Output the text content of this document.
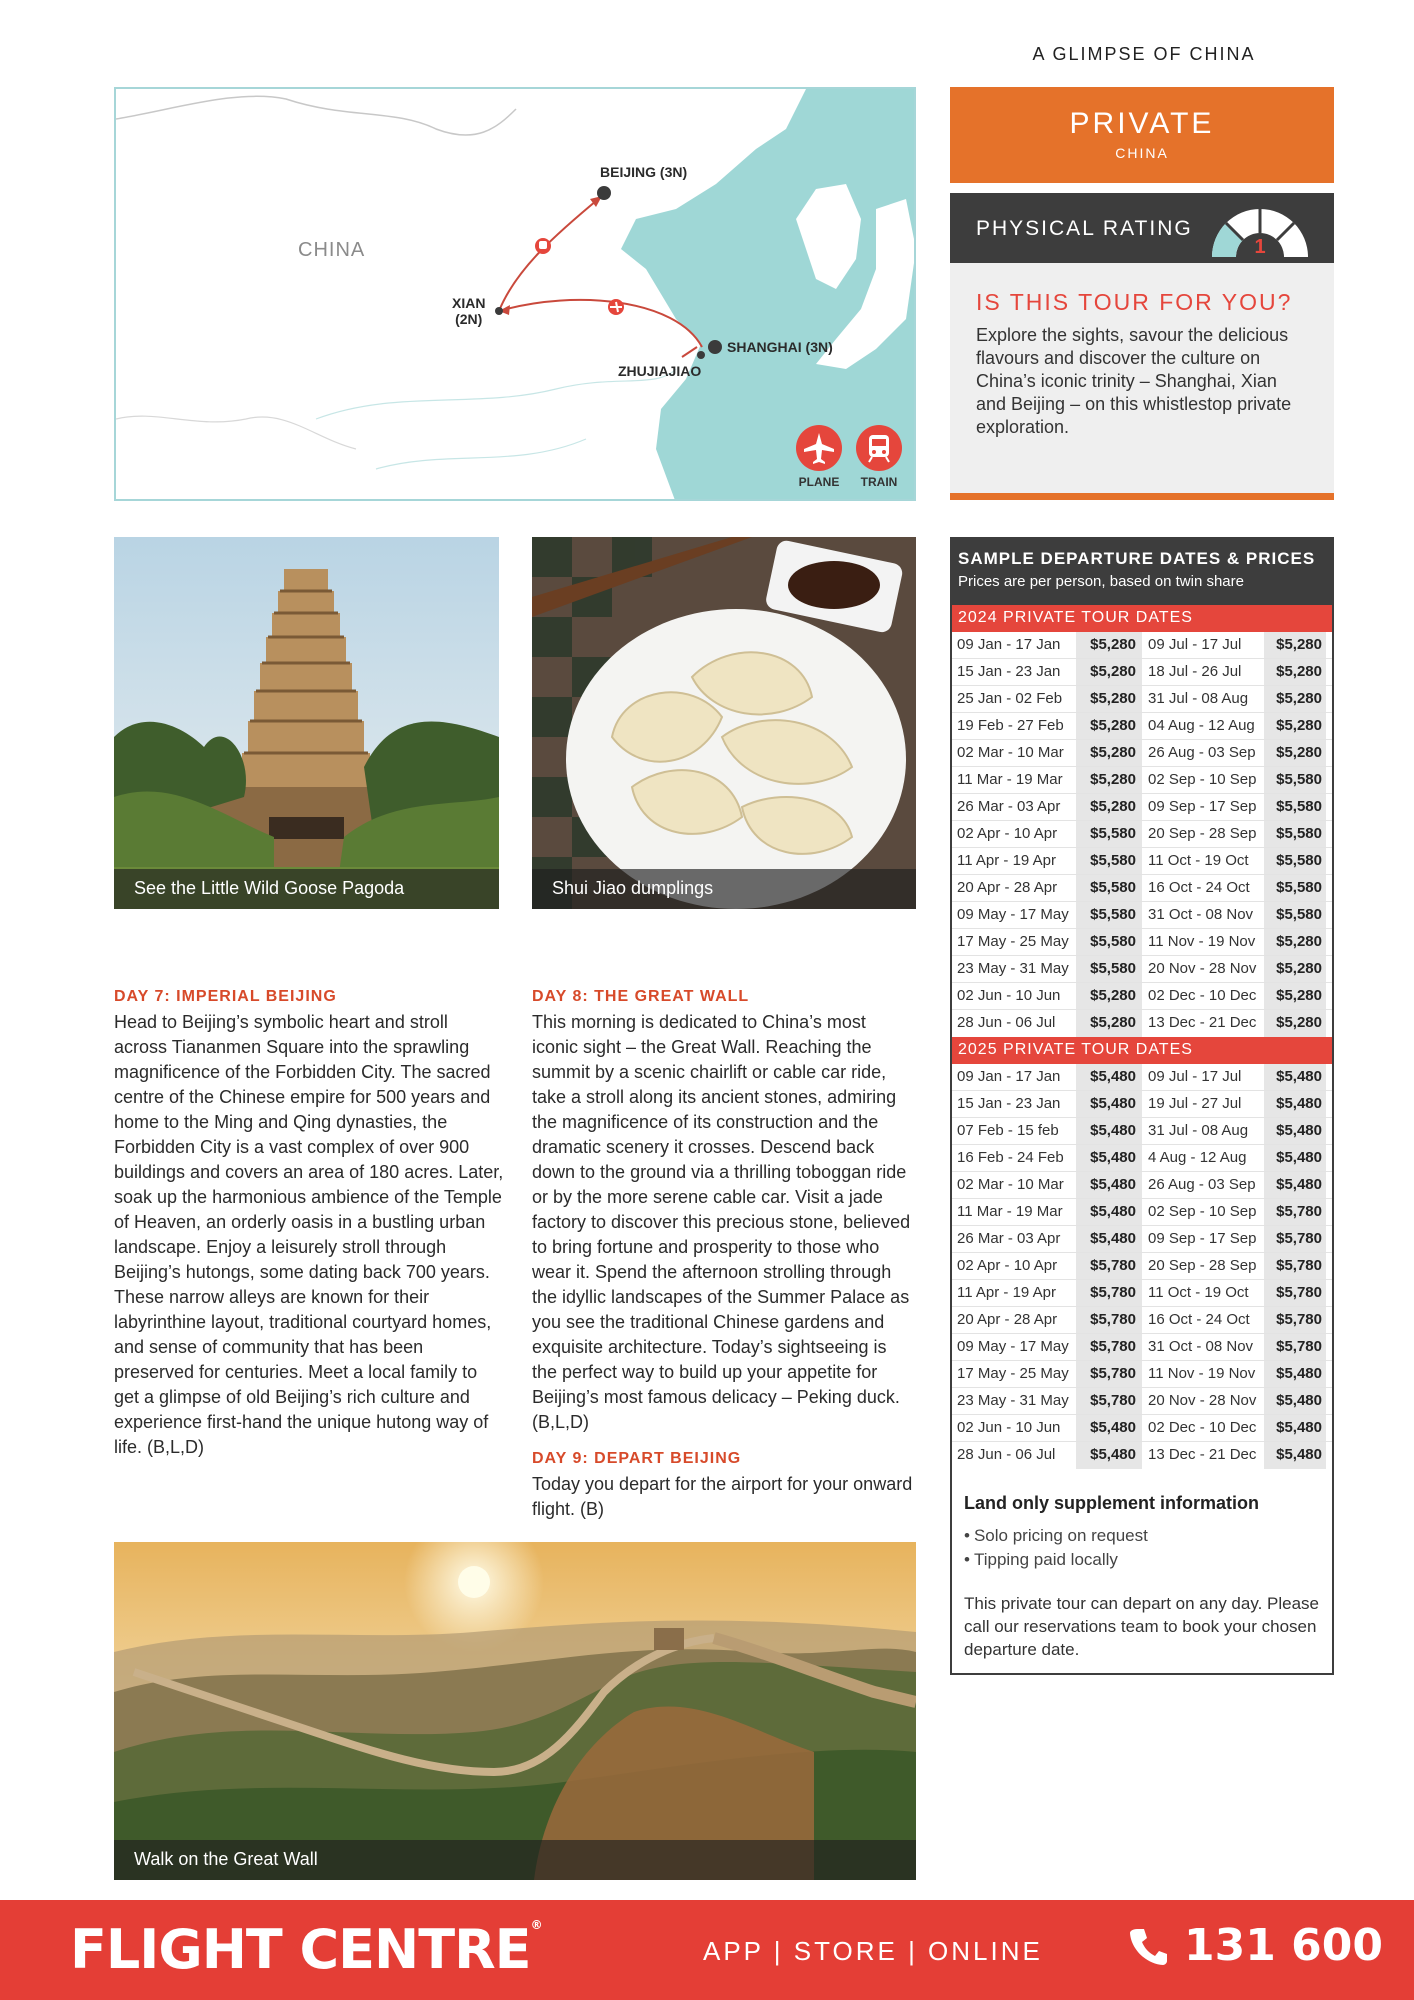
A GLIMPSE OF CHINA
CHINA
BEIJING (3N)
XIAN
(2N)
SHANGHAI (3N)
ZHUJIAJIAO
PLANE	TRAIN
PRIVATE
CHINA
PHYSICAL RATING
1
IS THIS TOUR FOR YOU?
Explore the sights, savour the delicious flavours and discover the culture on China’s iconic trinity – Shanghai, Xian and Beijing – on this whistlestop private exploration.
See the Little Wild Goose Pagoda	Shui Jiao dumplings
DAY 7: IMPERIAL BEIJING
Head to Beijing’s symbolic heart and stroll across Tiananmen Square into the sprawling magnificence of the Forbidden City. The sacred centre of the Chinese empire for 500 years and home to the Ming and Qing dynasties, the Forbidden City is a vast complex of over 900 buildings and covers an area of 180 acres. Later, soak up the harmonious ambience of the Temple of Heaven, an orderly oasis in a bustling urban landscape. Enjoy a leisurely stroll through Beijing’s hutongs, some dating back 700 years. These narrow alleys are known for their labyrinthine layout, traditional courtyard homes, and sense of community that has been preserved for centuries. Meet a local family to get a glimpse of old Beijing’s rich culture and experience first-hand the unique hutong way of life. (B,L,D)
DAY 8: THE GREAT WALL
This morning is dedicated to China’s most iconic sight – the Great Wall. Reaching the summit by a scenic chairlift or cable car ride, take a stroll along its ancient stones, admiring the magnificence of its construction and the dramatic scenery it crosses. Descend back down to the ground via a thrilling toboggan ride or by the more serene cable car. Visit a jade factory to discover this precious stone, believed to bring fortune and prosperity to those who wear it. Spend the afternoon strolling through the idyllic landscapes of the Summer Palace as you see the traditional Chinese gardens and exquisite architecture. Today’s sightseeing is the perfect way to build up your appetite for Beijing’s most famous delicacy – Peking duck. (B,L,D)
DAY 9: DEPART BEIJING
Today you depart for the airport for your onward flight. (B)
Walk on the Great Wall
SAMPLE DEPARTURE DATES & PRICES
Prices are per person, based on twin share
2024 PRIVATE TOUR DATES
09 Jan - 17 Jan	$5,280 09 Jul - 17 Jul	$5,280
15 Jan - 23 Jan	$5,280 18 Jul - 26 Jul	$5,280
25 Jan - 02 Feb	$5,280 31 Jul - 08 Aug	$5,280
19 Feb - 27 Feb	$5,280 04 Aug - 12 Aug	$5,280
02 Mar - 10 Mar	$5,280 26 Aug - 03 Sep	$5,280
11 Mar - 19 Mar	$5,280 02 Sep - 10 Sep	$5,580
26 Mar - 03 Apr	$5,280 09 Sep - 17 Sep	$5,580
02 Apr - 10 Apr	$5,580 20 Sep - 28 Sep	$5,580
11 Apr - 19 Apr	$5,580 11 Oct - 19 Oct	$5,580
20 Apr - 28 Apr	$5,580 16 Oct - 24 Oct	$5,580
09 May - 17 May	$5,580 31 Oct - 08 Nov	$5,580
17 May - 25 May	$5,580 11 Nov - 19 Nov	$5,280
23 May - 31 May	$5,580 20 Nov - 28 Nov	$5,280
02 Jun - 10 Jun	$5,280 02 Dec - 10 Dec	$5,280
28 Jun - 06 Jul	$5,280 13 Dec - 21 Dec	$5,280
2025 PRIVATE TOUR DATES
09 Jan - 17 Jan	$5,480 09 Jul - 17 Jul	$5,480
15 Jan - 23 Jan	$5,480 19 Jul - 27 Jul	$5,480
07 Feb - 15 feb	$5,480 31 Jul - 08 Aug	$5,480
16 Feb - 24 Feb	$5,480 4 Aug - 12 Aug	$5,480
02 Mar - 10 Mar	$5,480 26 Aug - 03 Sep	$5,480
11 Mar - 19 Mar	$5,480 02 Sep - 10 Sep	$5,780
26 Mar - 03 Apr	$5,480 09 Sep - 17 Sep	$5,780
02 Apr - 10 Apr	$5,780 20 Sep - 28 Sep	$5,780
11 Apr - 19 Apr	$5,780 11 Oct - 19 Oct	$5,780
20 Apr - 28 Apr	$5,780 16 Oct - 24 Oct	$5,780
09 May - 17 May	$5,780 31 Oct - 08 Nov	$5,780
17 May - 25 May	$5,780 11 Nov - 19 Nov	$5,480
23 May - 31 May	$5,780 20 Nov - 28 Nov	$5,480
02 Jun - 10 Jun	$5,480 02 Dec - 10 Dec	$5,480
28 Jun - 06 Jul	$5,480 13 Dec - 21 Dec	$5,480
Land only supplement information
• Solo pricing on request
• Tipping paid locally
This private tour can depart on any day. Please call our reservations team to book your chosen departure date.
FLIGHT CENTRE®
APP | STORE | ONLINE	131 600
